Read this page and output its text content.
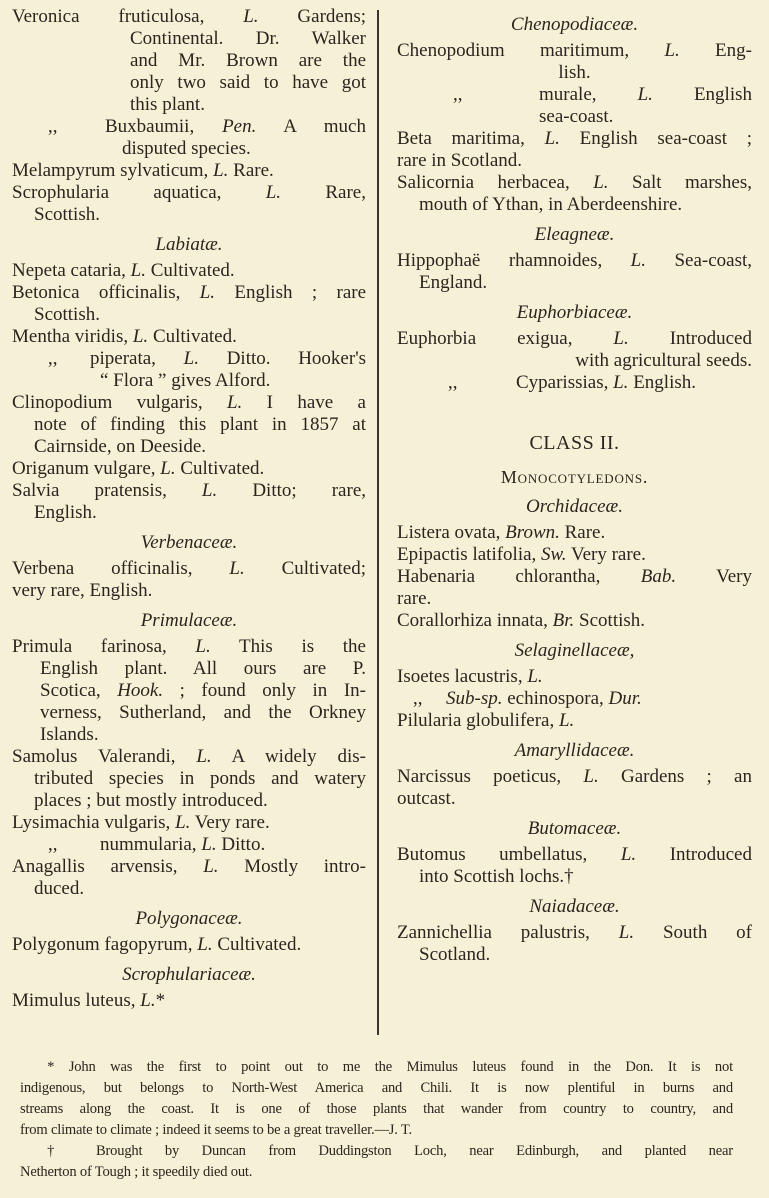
Veronica fruticulosa, L. Gardens;
Continental. Dr. Walker
and Mr. Brown are the
only two said to have got
this plant.
,,	Buxbaumii, Pen. A much
disputed species.
Melampyrum sylvaticum, L. Rare.
Scrophularia aquatica, L. Rare,
Scottish.
Labiatæ.
Nepeta cataria, L. Cultivated.
Betonica officinalis, L. English ; rare
Scottish.
Mentha viridis, L. Cultivated.
,,	piperata, L. Ditto. Hooker's
“ Flora ” gives Alford.
Clinopodium vulgaris, L. I have a
note of finding this plant in 1857 at
Cairnside, on Deeside.
Origanum vulgare, L. Cultivated.
Salvia pratensis, L. Ditto; rare,
English.
Verbenaceæ.
Verbena officinalis, L. Cultivated;
very rare, English.
Primulaceæ.
Primula farinosa, L. This is the
English plant. All ours are P.
Scotica, Hook. ; found only in In-
verness, Sutherland, and the Orkney
Islands.
Samolus Valerandi, L. A widely dis-
tributed species in ponds and watery
places ; but mostly introduced.
Lysimachia vulgaris, L. Very rare.
,,	nummularia, L. Ditto.
Anagallis arvensis, L. Mostly intro-
duced.
Polygonaceæ.
Polygonum fagopyrum, L. Cultivated.
Scrophulariaceæ.
Mimulus luteus, L.*
Chenopodiaceæ.
Chenopodium maritimum, L. Eng-
lish.
,,	murale, L. English
sea-coast.
Beta maritima, L. English sea-coast ;
rare in Scotland.
Salicornia herbacea, L. Salt marshes,
mouth of Ythan, in Aberdeenshire.
Eleagneæ.
Hippophaë rhamnoides, L. Sea-coast,
England.
Euphorbiaceæ.
Euphorbia exigua, L. Introduced
with agricultural seeds.
,,	Cyparissias, L. English.
CLASS II.
Monocotyledons.
Orchidaceæ.
Listera ovata, Brown. Rare.
Epipactis latifolia, Sw. Very rare.
Habenaria chlorantha, Bab. Very
rare.
Corallorhiza innata, Br. Scottish.
Selaginellaceæ,
Isoetes lacustris, L.
,,	Sub-sp. echinospora, Dur.
Pilularia globulifera, L.
Amaryllidaceæ.
Narcissus poeticus, L. Gardens ; an
outcast.
Butomaceæ.
Butomus umbellatus, L. Introduced
into Scottish lochs.†
Naiadaceæ.
Zannichellia palustris, L. South of
Scotland.
* John was the first to point out to me the Mimulus luteus found in the Don. It is not
indigenous, but belongs to North-West America and Chili. It is now plentiful in burns and
streams along the coast. It is one of those plants that wander from country to country, and
from climate to climate ; indeed it seems to be a great traveller.—J. T.
† Brought by Duncan from Duddingston Loch, near Edinburgh, and planted near
Netherton of Tough ; it speedily died out.
